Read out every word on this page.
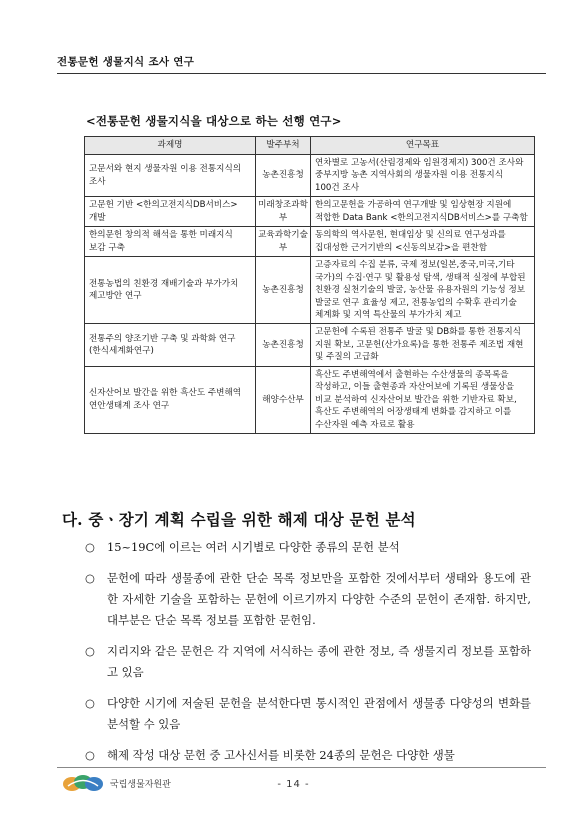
전통문헌 생물지식 조사 연구
<전통문헌 생물지식을 대상으로 하는 선행 연구>
과제명	발주부처	연구목표
고문서와 현지 생물자원 이용 전통지식의 조사	농촌진흥청	연차별로 고농서(산림경제와 임원경제지) 300건 조사와 중부지방 농촌 지역사회의 생물자원 이용 전통지식 100건 조사
고문헌 기반 <한의고전지식DB서비스> 개발	미래창조과학부	한의고문헌을 가공하여 연구개발 및 임상현장 지원에 적합한 Data Bank <한의고전지식DB서비스>를 구축함
한의문헌 창의적 해석을 통한 미래지식 보감 구축	교육과학기술부	동의학의 역사문헌, 현대임상 및 신의료 연구성과를 집대성한 근거기반의 <신동의보감>을 편찬함
전통농법의 친환경 재배기술과 부가가치 제고방안 연구	농촌진흥청	고증자료의 수집 분류, 국제 정보(일본,중국,미국,기타 국가)의 수집·연구 및 활용성 탐색, 생태적 실정에 부합된 친환경 실천기술의 발굴, 농산물 유용자원의 기능성 정보 발굴로 연구 효율성 제고, 전통농업의 수확후 관리기술 체계화 및 지역 특산물의 부가가치 제고
전통주의 양조기반 구축 및 과학화 연구(한식세계화연구)	농촌진흥청	고문헌에 수록된 전통주 발굴 및 DB화를 통한 전통지식 지원 확보, 고문헌(산가요록)을 통한 전통주 제조법 재현 및 주질의 고급화
신자산어보 발간을 위한 흑산도 주변해역 연안생태계 조사 연구	해양수산부	흑산도 주변해역에서 출현하는 수산생물의 종목록을 작성하고, 이들 출현종과 자산어보에 기록된 생물상을 비교 분석하여 신자산어보 발간을 위한 기반자료 확보, 흑산도 주변해역의 어장생태계 변화를 감지하고 이를 수산자원 예측 자료로 활용
다. 중ㆍ장기 계획 수립을 위한 해제 대상 문헌 분석
○ 15~19C에 이르는 여러 시기별로 다양한 종류의 문헌 분석
○ 문헌에 따라 생물종에 관한 단순 목록 정보만을 포함한 것에서부터 생태와 용도에 관한 자세한 기술을 포함하는 문헌에 이르기까지 다양한 수준의 문헌이 존재함. 하지만, 대부분은 단순 목록 정보를 포함한 문헌임.
○ 지리지와 같은 문헌은 각 지역에 서식하는 종에 관한 정보, 즉 생물지리 정보를 포함하고 있음
○ 다양한 시기에 저술된 문헌을 분석한다면 통시적인 관점에서 생물종 다양성의 변화를 분석할 수 있음
○ 해제 작성 대상 문헌 중 고사신서를 비롯한 24종의 문헌은 다양한 생물
국립생물자원관	- 14 -
